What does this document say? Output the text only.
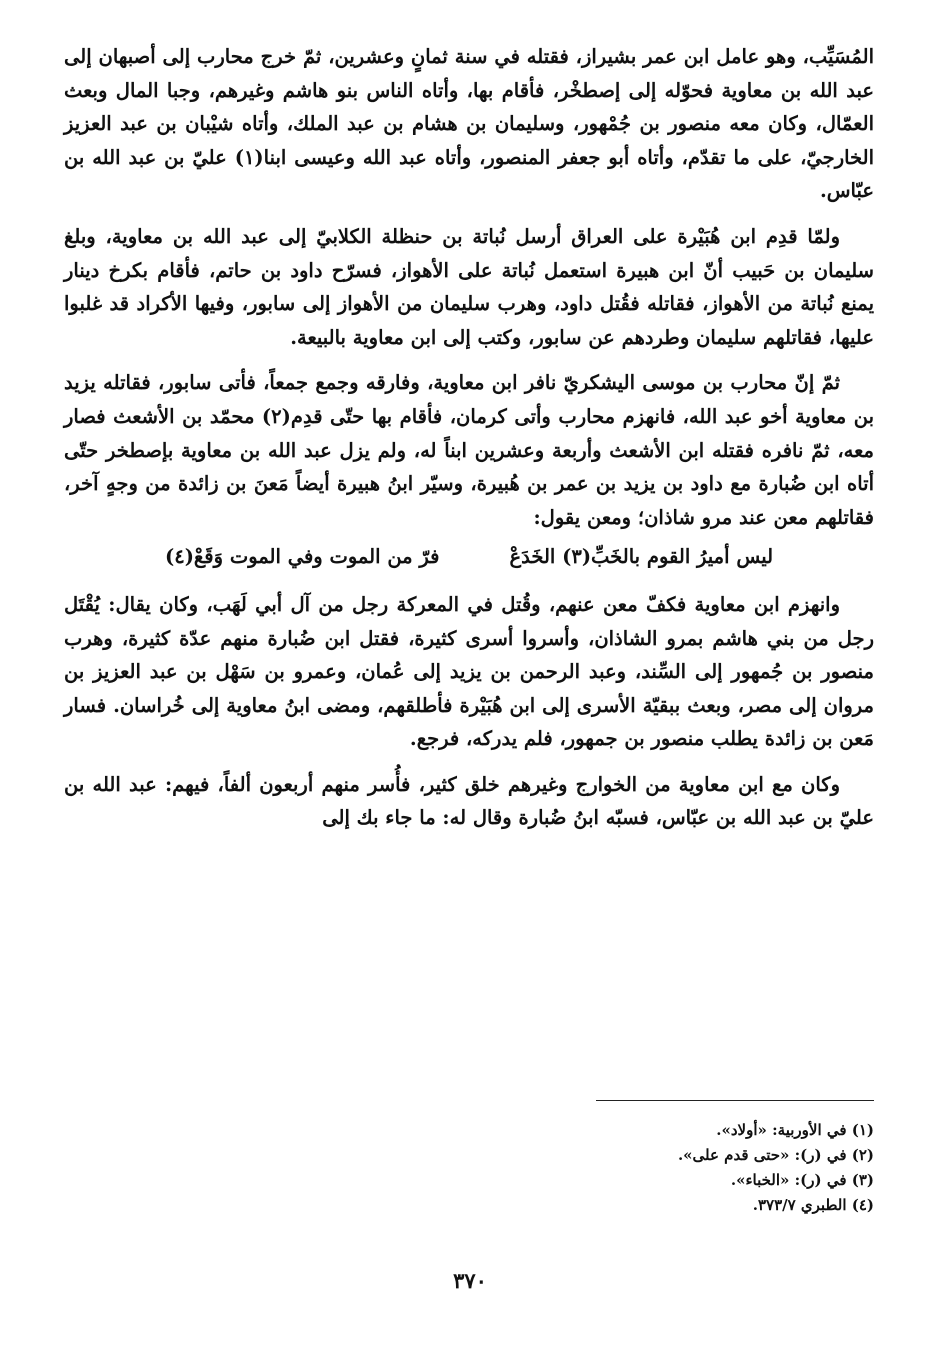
المُسَيِّب، وهو عامل ابن عمر بشيراز، فقتله في سنة ثمانٍ وعشرين، ثمّ خرج محارب إلى أصبهان إلى عبد الله بن معاوية فحوّله إلى إصطخْر، فأقام بها، وأتاه الناس بنو هاشم وغيرهم، وجبا المال وبعث العمّال، وكان معه منصور بن جُمْهور، وسليمان بن هشام بن عبد الملك، وأتاه شيْبان بن عبد العزيز الخارجيّ، على ما تقدّم، وأتاه أبو جعفر المنصور، وأتاه عبد الله وعيسى ابنا(١) عليّ بن عبد الله بن عبّاس.

ولمّا قدِم ابن هُبَيْرة على العراق أرسل نُباتة بن حنظلة الكلابيّ إلى عبد الله بن معاوية، وبلغ سليمان بن حَبيب أنّ ابن هبيرة استعمل نُباتة على الأهواز، فسرّح داود بن حاتم، فأقام بكرخ دينار يمنع نُباتة من الأهواز، فقاتله فقُتل داود، وهرب سليمان من الأهواز إلى سابور، وفيها الأكراد قد غلبوا عليها، فقاتلهم سليمان وطردهم عن سابور، وكتب إلى ابن معاوية بالبيعة.

ثمّ إنّ محارب بن موسى اليشكريّ نافر ابن معاوية، وفارقه وجمع جمعاً، فأتى سابور، فقاتله يزيد بن معاوية أخو عبد الله، فانهزم محارب وأتى كرمان، فأقام بها حتّى قدِم(٢) محمّد بن الأشعث فصار معه، ثمّ نافره فقتله ابن الأشعث وأربعة وعشرين ابناً له، ولم يزل عبد الله بن معاوية بإصطخر حتّى أتاه ابن ضُبارة مع داود بن يزيد بن عمر بن هُبيرة، وسيّر ابنُ هبيرة أيضاً مَعنَ بن زائدة من وجهٍ آخر، فقاتلهم معن عند مرو شاذان؛ ومعن يقول:

ليس أميرُ القوم بالخَبِّ(٣) الخَدَعْ
فرّ من الموت وفي الموت وَقَعْ(٤)

وانهزم ابن معاوية فكفّ معن عنهم، وقُتل في المعركة رجل من آل أبي لَهَب، وكان يقال: يُقْتَل رجل من بني هاشم بمرو الشاذان، وأسروا أسرى كثيرة، فقتل ابن ضُبارة منهم عدّة كثيرة، وهرب منصور بن جُمهور إلى السِّند، وعبد الرحمن بن يزيد إلى عُمان، وعمرو بن سَهْل بن عبد العزيز بن مروان إلى مصر، وبعث ببقيّة الأسرى إلى ابن هُبَيْرة فأطلقهم، ومضى ابنُ معاوية إلى خُراسان. فسار مَعن بن زائدة يطلب منصور بن جمهور، فلم يدركه، فرجع.

وكان مع ابن معاوية من الخوارج وغيرهم خلق كثير، فأُسر منهم أربعون ألفاً، فيهم: عبد الله بن عليّ بن عبد الله بن عبّاس، فسبّه ابنُ ضُبارة وقال له: ما جاء بك إلى

(١) في الأوربية: «أولاد».
(٢) في (ر): «حتى قدم على».
(٣) في (ر): «الخباء».
(٤) الطبري ٣٧٣/٧.
٣٧٠
